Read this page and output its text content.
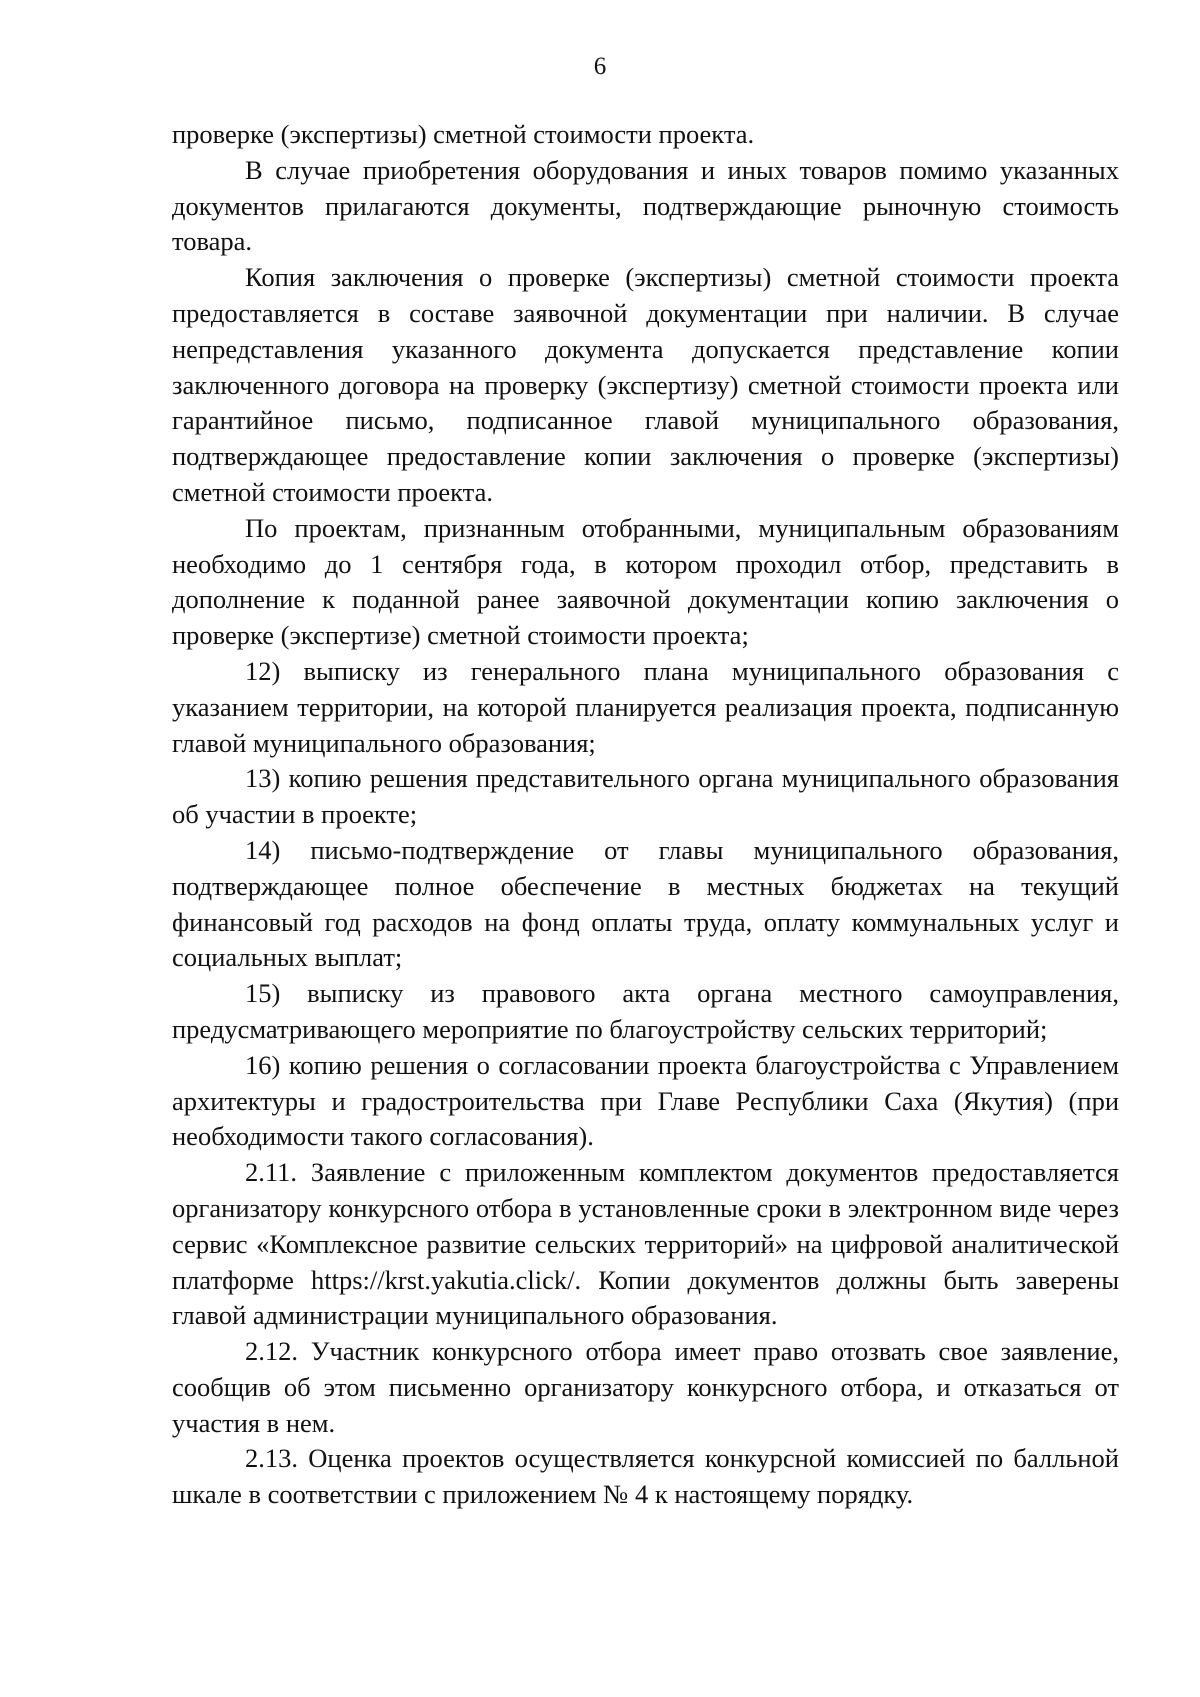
6

проверке (экспертизы) сметной стоимости проекта.

В случае приобретения оборудования и иных товаров помимо указанных документов прилагаются документы, подтверждающие рыночную стоимость товара.

Копия заключения о проверке (экспертизы) сметной стоимости проекта предоставляется в составе заявочной документации при наличии. В случае непредставления указанного документа допускается представление копии заключенного договора на проверку (экспертизу) сметной стоимости проекта или гарантийное письмо, подписанное главой муниципального образования, подтверждающее предоставление копии заключения о проверке (экспертизы) сметной стоимости проекта.

По проектам, признанным отобранными, муниципальным образованиям необходимо до 1 сентября года, в котором проходил отбор, представить в дополнение к поданной ранее заявочной документации копию заключения о проверке (экспертизе) сметной стоимости проекта;

12) выписку из генерального плана муниципального образования с указанием территории, на которой планируется реализация проекта, подписанную главой муниципального образования;

13) копию решения представительного органа муниципального образования об участии в проекте;

14) письмо-подтверждение от главы муниципального образования, подтверждающее полное обеспечение в местных бюджетах на текущий финансовый год расходов на фонд оплаты труда, оплату коммунальных услуг и социальных выплат;

15) выписку из правового акта органа местного самоуправления, предусматривающего мероприятие по благоустройству сельских территорий;

16) копию решения о согласовании проекта благоустройства с Управлением архитектуры и градостроительства при Главе Республики Саха (Якутия) (при необходимости такого согласования).

2.11. Заявление с приложенным комплектом документов предоставляется организатору конкурсного отбора в установленные сроки в электронном виде через сервис «Комплексное развитие сельских территорий» на цифровой аналитической платформе https://krst.yakutia.click/. Копии документов должны быть заверены главой администрации муниципального образования.

2.12. Участник конкурсного отбора имеет право отозвать свое заявление, сообщив об этом письменно организатору конкурсного отбора, и отказаться от участия в нем.

2.13. Оценка проектов осуществляется конкурсной комиссией по балльной шкале в соответствии с приложением № 4 к настоящему порядку.
